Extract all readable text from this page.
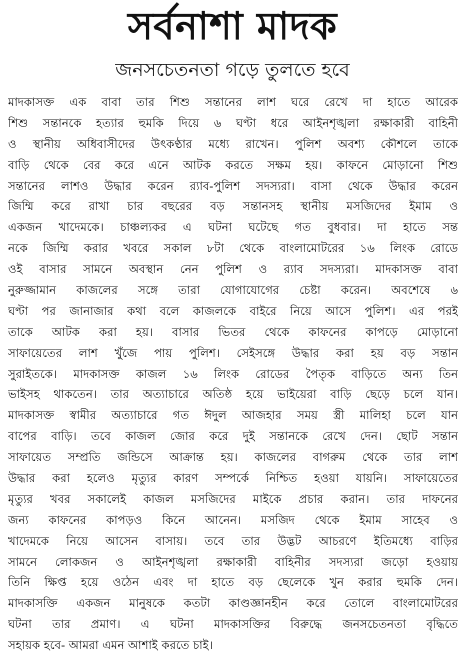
সর্বনাশা মাদক
জনসচেতনতা গড়ে তুলতে হবে
মাদকাসক্ত এক বাবা তার শিশু সন্তানের লাশ ঘরে রেখে দা হাতে আরেক
শিশু সন্তানকে হত্যার হুমকি দিয়ে ৬ ঘণ্টা ধরে আইনশৃঙ্খলা রক্ষাকারী বাহিনী
ও স্থানীয় অধিবাসীদের উৎকণ্ঠার মধ্যে রাখেন। পুলিশ অবশ্য কৌশলে তাকে
বাড়ি থেকে বের করে এনে আটক করতে সক্ষম হয়। কাফনে মোড়ানো শিশু
সন্তানের লাশও উদ্ধার করেন র‌্যাব-পুলিশ সদস্যরা। বাসা থেকে উদ্ধার করেন
জিম্মি করে রাখা চার বছরের বড় সন্তানসহ স্থানীয় মসজিদের ইমাম ও
একজন খাদেমকে। চাঞ্চল্যকর এ ঘটনা ঘটেছে গত বুধবার। দা হাতে সন্ত
নকে জিম্মি করার খবরে সকাল ৮টা থেকে বাংলামোটরের ১৬ লিংক রোডে
ওই বাসার সামনে অবস্থান নেন পুলিশ ও র‌্যাব সদস্যরা। মাদকাসক্ত বাবা
নুরুজ্জামান কাজলের সঙ্গে তারা যোগাযোগের চেষ্টা করেন। অবশেষে ৬
ঘণ্টা পর জানাজার কথা বলে কাজলকে বাইরে নিয়ে আসে পুলিশ। এর পরই
তাকে আটক করা হয়। বাসার ভিতর থেকে কাফনের কাপড়ে মোড়ানো
সাফায়েতের লাশ খুঁজে পায় পুলিশ। সেইসঙ্গে উদ্ধার করা হয় বড় সন্তান
সুরাইতকে। মাদকাসক্ত কাজল ১৬ লিংক রোডের পৈতৃক বাড়িতে অন্য তিন
ভাইসহ থাকতেন। তার অত্যাচারে অতিষ্ঠ হয়ে ভাইয়েরা বাড়ি ছেড়ে চলে যান।
মাদকাসক্ত স্বামীর অত্যাচারে গত ঈদুল আজহার সময় স্ত্রী মালিহা চলে যান
বাপের বাড়ি। তবে কাজল জোর করে দুই সন্তানকে রেখে দেন। ছোট সন্তান
সাফায়েত সম্প্রতি জন্ডিসে আক্রান্ত হয়। কাজলের বাগরুম থেকে তার লাশ
উদ্ধার করা হলেও মৃত্যুর কারণ সম্পর্কে নিশ্চিত হওয়া যায়নি। সাফায়েতের
মৃত্যুর খবর সকালেই কাজল মসজিদের মাইকে প্রচার করান। তার দাফনের
জন্য কাফনের কাপড়ও কিনে আনেন। মসজিদ থেকে ইমাম সাহেব ও
খাদেমকে নিয়ে আসেন বাসায়। তবে তার উদ্ভট আচরণে ইতিমধ্যে বাড়ির
সামনে লোকজন ও আইনশৃঙ্খলা রক্ষাকারী বাহিনীর সদস্যরা জড়ো হওয়ায়
তিনি ক্ষিপ্ত হয়ে ওঠেন এবং দা হাতে বড় ছেলেকে খুন করার হুমকি দেন।
মাদকাসক্তি একজন মানুষকে কতটা কাণ্ডজ্ঞানহীন করে তোলে বাংলামোটরের
ঘটনা তার প্রমাণ। এ ঘটনা মাদকাসক্তির বিরুদ্ধে জনসচেতনতা বৃদ্ধিতে
সহায়ক হবে- আমরা এমন আশাই করতে চাই।
